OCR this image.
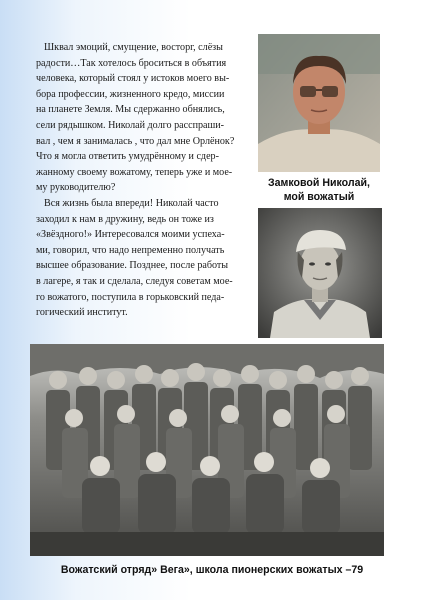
Шквал эмоций, смущение, восторг, слёзы
радости…Так хотелось броситься в объятия
человека, который стоял у истоков моего вы-
бора профессии, жизненного кредо, миссии
на планете Земля. Мы сдержанно обнялись,
сели рядышком. Николай долго расспраши-
вал , чем я занималась , что дал мне Орлёнок?
Что я могла ответить умудрённому и сдер-
жанному своему вожатому, теперь уже и мое-
му руководителю?

Вся жизнь была впереди! Николай часто
заходил к нам в дружину, ведь он тоже из
«Звёздного!» Интересовался моими успеха-
ми, говорил, что надо непременно получать
высшее образование. Позднее, после работы
в лагере, я так и сделала, следуя советам мое-
го вожатого, поступила в горьковский педа-
гогический институт.

Замковой Николай,
мой вожатый
Вожатский отряд» Вега», школа пионерских вожатых –79
